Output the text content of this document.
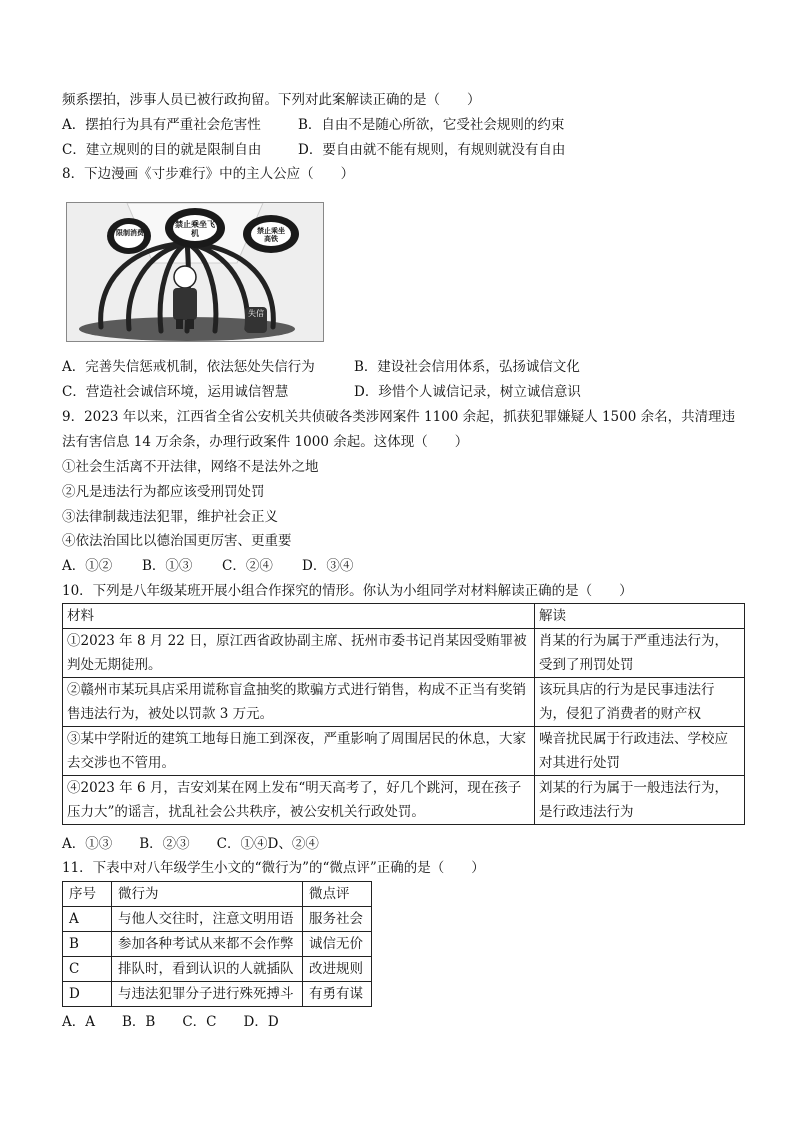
频系摆拍，涉事人员已被行政拘留。下列对此案解读正确的是（　　）
A．摆拍行为具有严重社会危害性	B．自由不是随心所欲，它受社会规则的约束
C．建立规则的目的就是限制自由	D．要自由就不能有规则，有规则就没有自由
8．下边漫画《寸步难行》中的主人公应（　　）
限制消费
禁止乘坐飞机	禁止乘坐高铁
失信
A．完善失信惩戒机制，依法惩处失信行为	B．建设社会信用体系，弘扬诚信文化
C．营造社会诚信环境，运用诚信智慧	D．珍惜个人诚信记录，树立诚信意识
9．2023 年以来，江西省全省公安机关共侦破各类涉网案件 1100 余起，抓获犯罪嫌疑人 1500 余名，共清理违
法有害信息 14 万余条，办理行政案件 1000 余起。这体现（　　）
①社会生活离不开法律，网络不是法外之地
②凡是违法行为都应该受刑罚处罚
③法律制裁违法犯罪，维护社会正义
④依法治国比以德治国更厉害、更重要
A．①② B．①③ C．②④ D．③④
10．下列是八年级某班开展小组合作探究的情形。你认为小组同学对材料解读正确的是（　　）
材料	解读
①2023 年 8 月 22 日，原江西省政协副主席、抚州市委书记肖某因受贿罪被判处无期徒刑。	肖某的行为属于严重违法行为，受到了刑罚处罚
②赣州市某玩具店采用谎称盲盒抽奖的欺骗方式进行销售，构成不正当有奖销售违法行为，被处以罚款 3 万元。	该玩具店的行为是民事违法行为，侵犯了消费者的财产权
③某中学附近的建筑工地每日施工到深夜，严重影响了周围居民的休息，大家去交涉也不管用。	噪音扰民属于行政违法、学校应对其进行处罚
④2023 年 6 月，吉安刘某在网上发布“明天高考了，好几个跳河，现在孩子压力大”的谣言，扰乱社会公共秩序，被公安机关行政处罚。	刘某的行为属于一般违法行为，是行政违法行为
A．①③　　B．②③　　C．①④D、②④
11．下表中对八年级学生小文的“微行为”的“微点评”正确的是（　　）
序号	微行为	微点评
A	与他人交往时，注意文明用语	服务社会
B	参加各种考试从来都不会作弊	诚信无价
C	排队时，看到认识的人就插队	改进规则
D	与违法犯罪分子进行殊死搏斗	有勇有谋
A．A　　B．B　　C．C　　D．D
